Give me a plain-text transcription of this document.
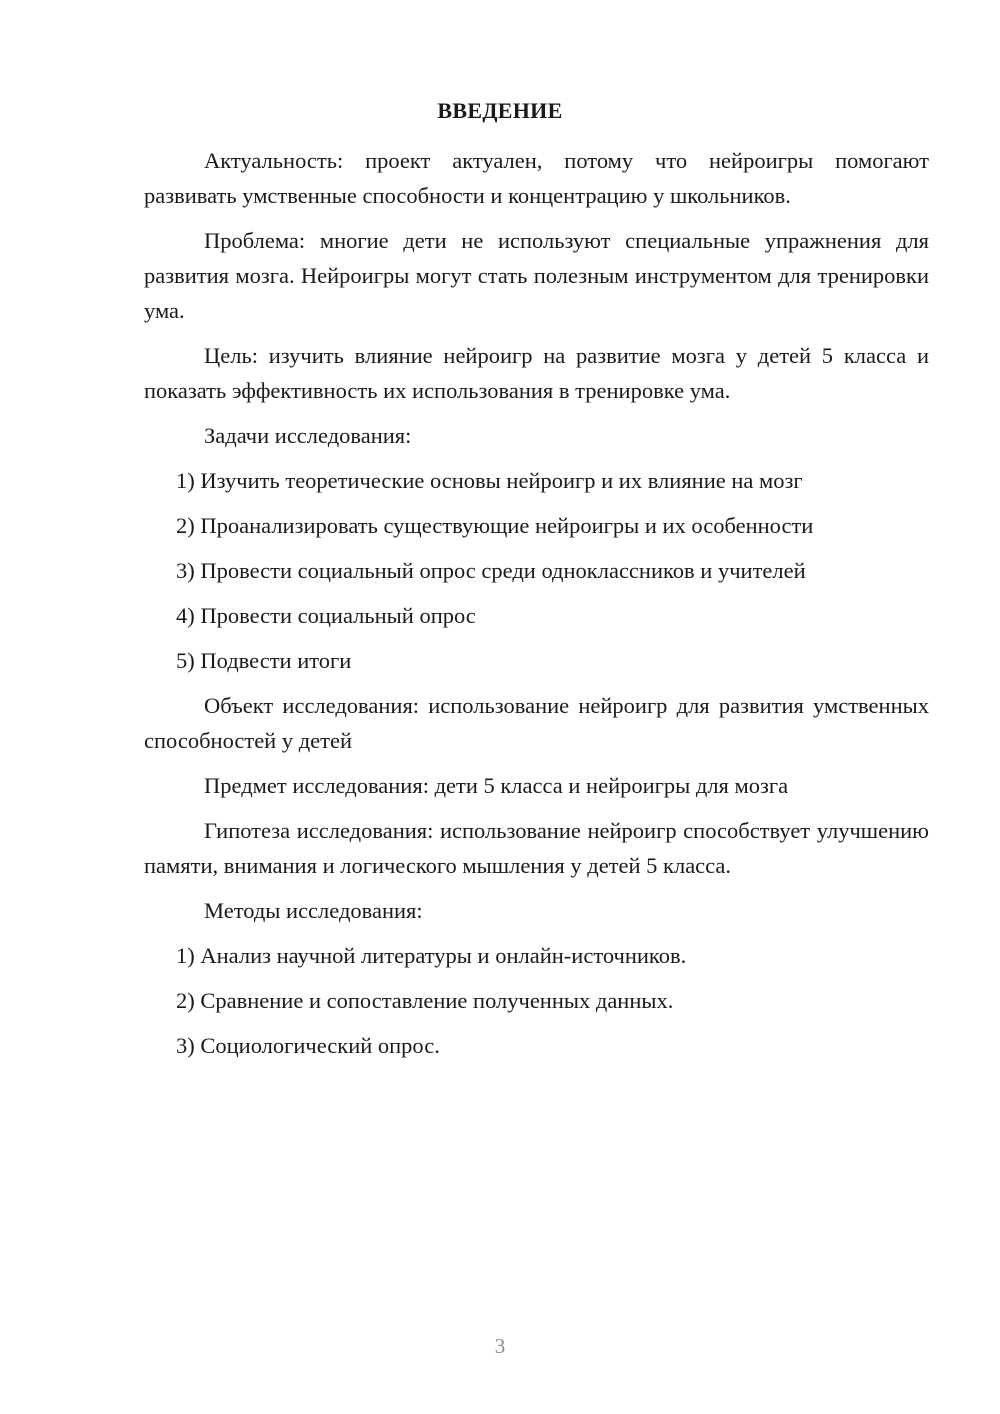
ВВЕДЕНИЕ

Актуальность: проект актуален, потому что нейроигры помогают развивать умственные способности и концентрацию у школьников.

Проблема: многие дети не используют специальные упражнения для развития мозга. Нейроигры могут стать полезным инструментом для тренировки ума.

Цель: изучить влияние нейроигр на развитие мозга у детей 5 класса и показать эффективность их использования в тренировке ума.

Задачи исследования:

1) Изучить теоретические основы нейроигр и их влияние на мозг
2) Проанализировать существующие нейроигры и их особенности
3) Провести социальный опрос среди одноклассников и учителей
4) Провести социальный опрос
5) Подвести итоги

Объект исследования: использование нейроигр для развития умственных способностей у детей

Предмет исследования: дети 5 класса и нейроигры для мозга

Гипотеза исследования: использование нейроигр способствует улучшению памяти, внимания и логического мышления у детей 5 класса.

Методы исследования:

1) Анализ научной литературы и онлайн-источников.
2) Сравнение и сопоставление полученных данных.
3) Социологический опрос.
3
